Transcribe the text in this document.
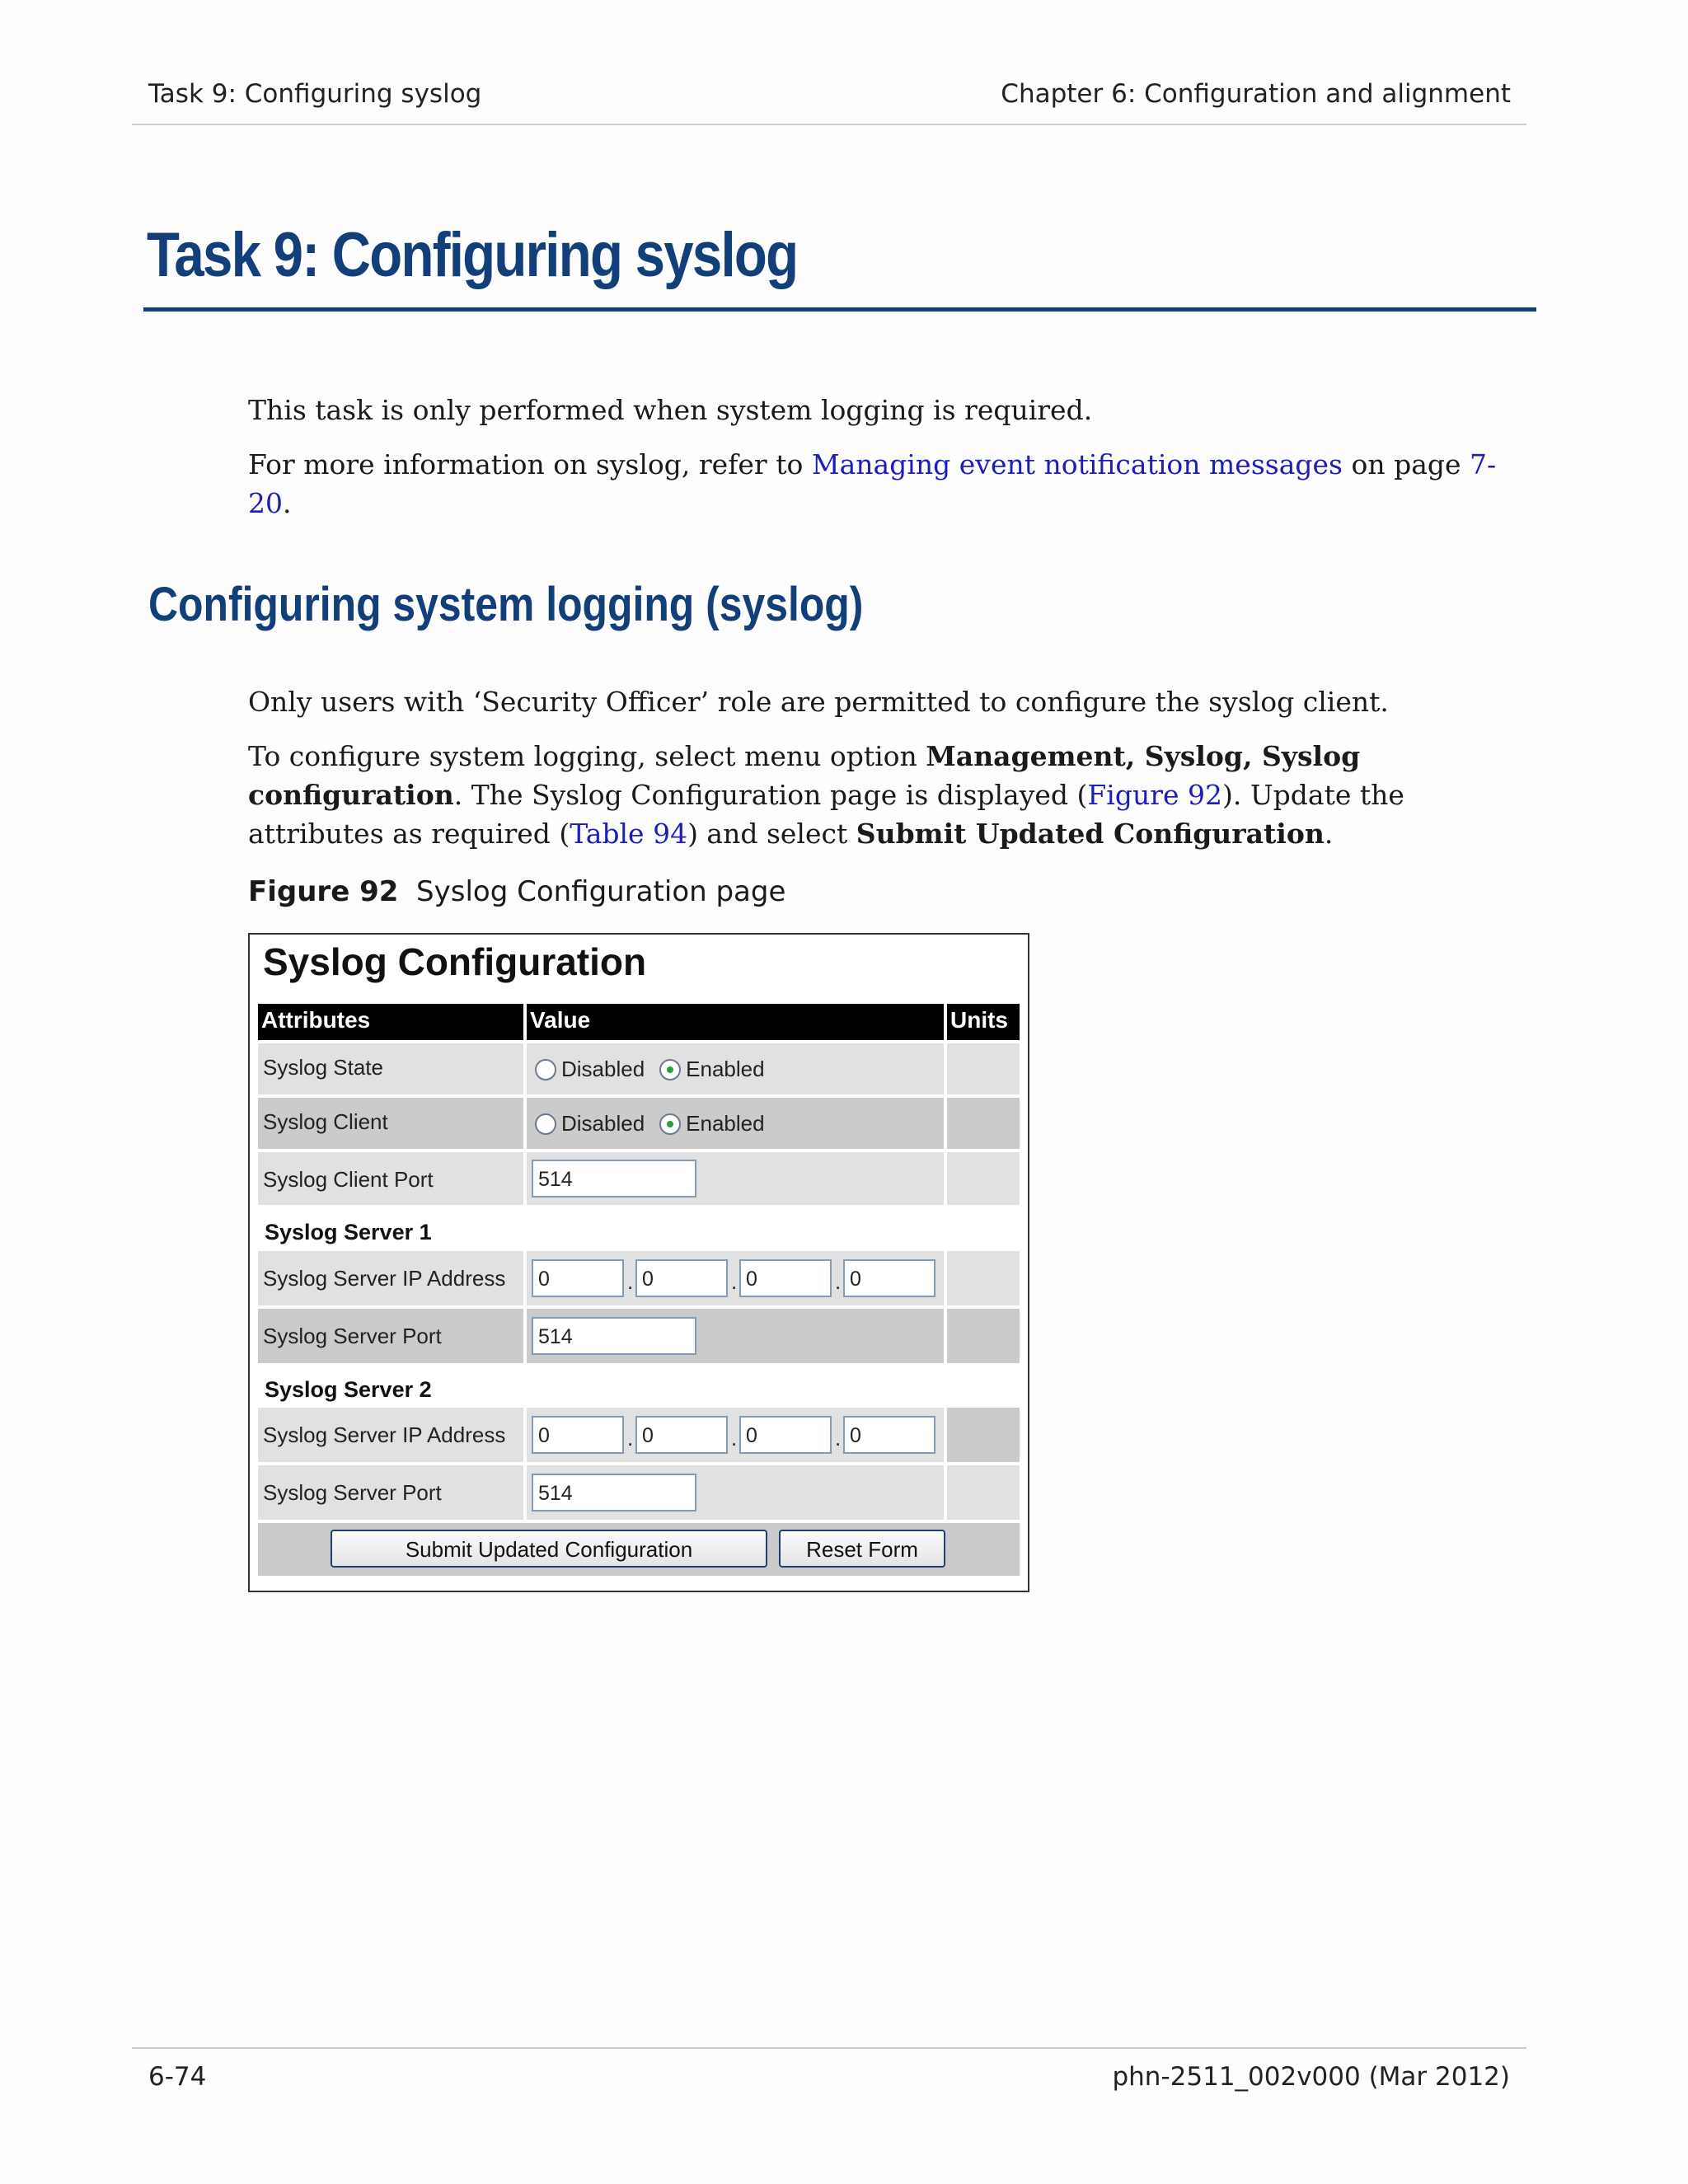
Task 9: Configuring syslog	Chapter 6: Configuration and alignment
Task 9: Configuring syslog

This task is only performed when system logging is required.

For more information on syslog, refer to Managing event notification messages on page 7-20.

Configuring system logging (syslog)

Only users with ‘Security Officer’ role are permitted to configure the syslog client.

To configure system logging, select menu option Management, Syslog, Syslog configuration. The Syslog Configuration page is displayed (Figure 92). Update the attributes as required (Table 94) and select Submit Updated Configuration.

Figure 92 Syslog Configuration page
Syslog Configuration
Attributes	Value	Units
Syslog State	Disabled Enabled
Syslog Client	Disabled Enabled
Syslog Client Port	514
Syslog Server 1
Syslog Server IP Address	0	. 0	. 0	. 0
Syslog Server Port	514
Syslog Server 2
Syslog Server IP Address	0	. 0	. 0	. 0
Syslog Server Port	514
Submit Updated Configuration	Reset Form
6-74	phn-2511_002v000 (Mar 2012)
